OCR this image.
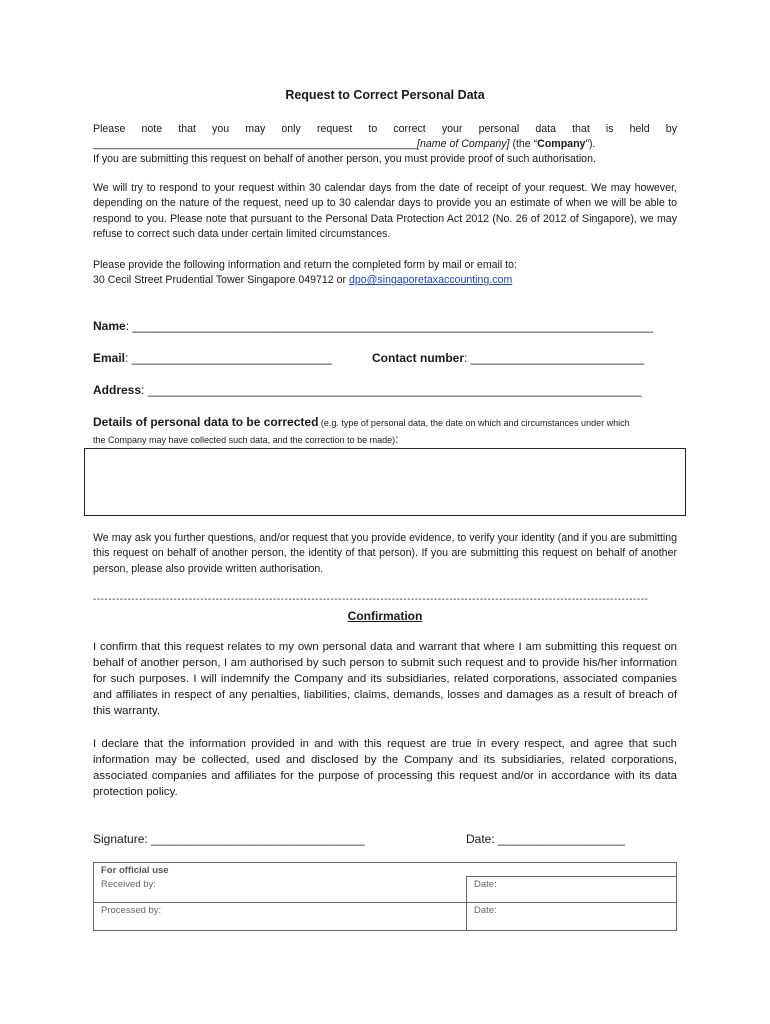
Request to Correct Personal Data
Please note that you may only request to correct your personal data that is held by
_______________________________________________________[name of Company] (the “Company”).
If you are submitting this request on behalf of another person, you must provide proof of such authorisation.
We will try to respond to your request within 30 calendar days from the date of receipt of your request. We may however, depending on the nature of the request, need up to 30 calendar days to provide you an estimate of when we will be able to respond to you. Please note that pursuant to the Personal Data Protection Act 2012 (No. 26 of 2012 of Singapore), we may refuse to correct such data under certain limited circumstances.
Please provide the following information and return the completed form by mail or email to:
30 Cecil Street Prudential Tower Singapore 049712 or dpo@singaporetaxaccounting.com
Name: ______________________________________________________________________________
Email: ______________________________	Contact number: __________________________
Address: __________________________________________________________________________
Details of personal data to be corrected (e.g. type of personal data, the date on which and circumstances under which
the Company may have collected such data, and the correction to be made):
We may ask you further questions, and/or request that you provide evidence, to verify your identity (and if you are submitting this request on behalf of another person, the identity of that person). If you are submitting this request on behalf of another person, please also provide written authorisation.
-------------------------------------------------------------------------------------------------------------------------------------------------
Confirmation
I confirm that this request relates to my own personal data and warrant that where I am submitting this request on behalf of another person, I am authorised by such person to submit such request and to provide his/her information for such purposes. I will indemnify the Company and its subsidiaries, related corporations, associated companies and affiliates in respect of any penalties, liabilities, claims, demands, losses and damages as a result of breach of this warranty.
I declare that the information provided in and with this request are true in every respect, and agree that such information may be collected, used and disclosed by the Company and its subsidiaries, related corporations, associated companies and affiliates for the purpose of processing this request and/or in accordance with its data protection policy.
Signature: ________________________________	Date: ___________________
For official use	
Received by:	Date:
Processed by:	Date:
